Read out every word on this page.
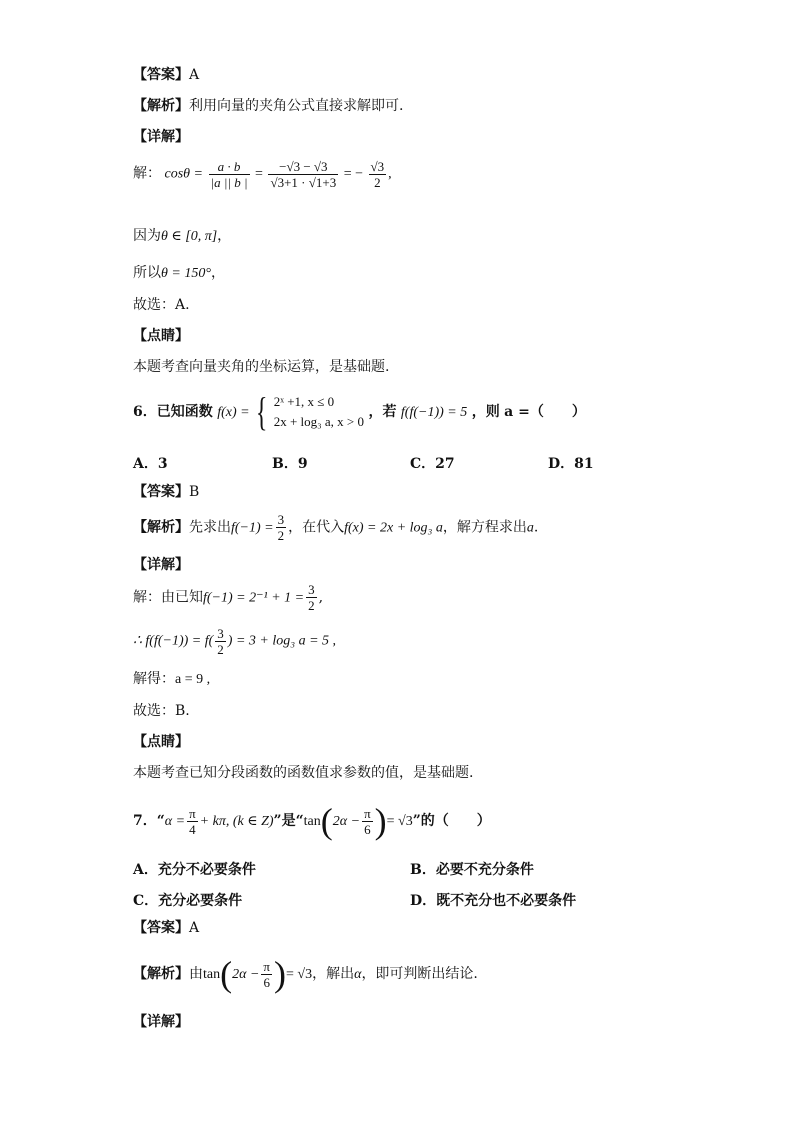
【答案】A
【解析】利用向量的夹角公式直接求解即可.
【详解】
解： $\cos\theta = \frac{a \cdot b}{|a || b |} = \frac{-√3 - √3}{√3+1 \cdot √1+3}$ = − $\frac{√3}{2}$ ,
因为θ ∈ [0, π]，
所以θ = 150°，
故选：A.
【点睛】
本题考查向量夹角的坐标运算，是基础题.
6．已知函数 f(x) = { 2ˣ +1, x ≤ 0
2x + log₃ a, x > 0
，若 f(f(−1)) = 5 ，则 a =（　　）
A．3	B．9	C．27	D．81
【答案】B
【解析】先求出$f(-1) = \frac{3}{2}$ ，在代入f(x) = 2x + log₃ a，解方程求出a.
【详解】
解：由已知$f(-1) = 2^{-1} + 1 = \frac{3}{2}$ ,
∴ $f(f(-1)) = f( \frac{3}{2}$ ) = 3 + log₃ a = 5 ,
解得：a = 9 ,
故选：B.
【点睛】
本题考查已知分段函数的函数值求参数的值，是基础题.
7．“$\alpha = \frac{\pi}{4} + k\pi$, (k ∈ Z)”是“$\tan(2\alpha - \frac{\pi}{6}$ )= √3”的（　　）
A．充分不必要条件	B．必要不充分条件
C．充分必要条件	D．既不充分也不必要条件
【答案】A
【解析】由$\tan(2\alpha - \frac{\pi}{6}$ )= √3，解出α，即可判断出结论.
【详解】
